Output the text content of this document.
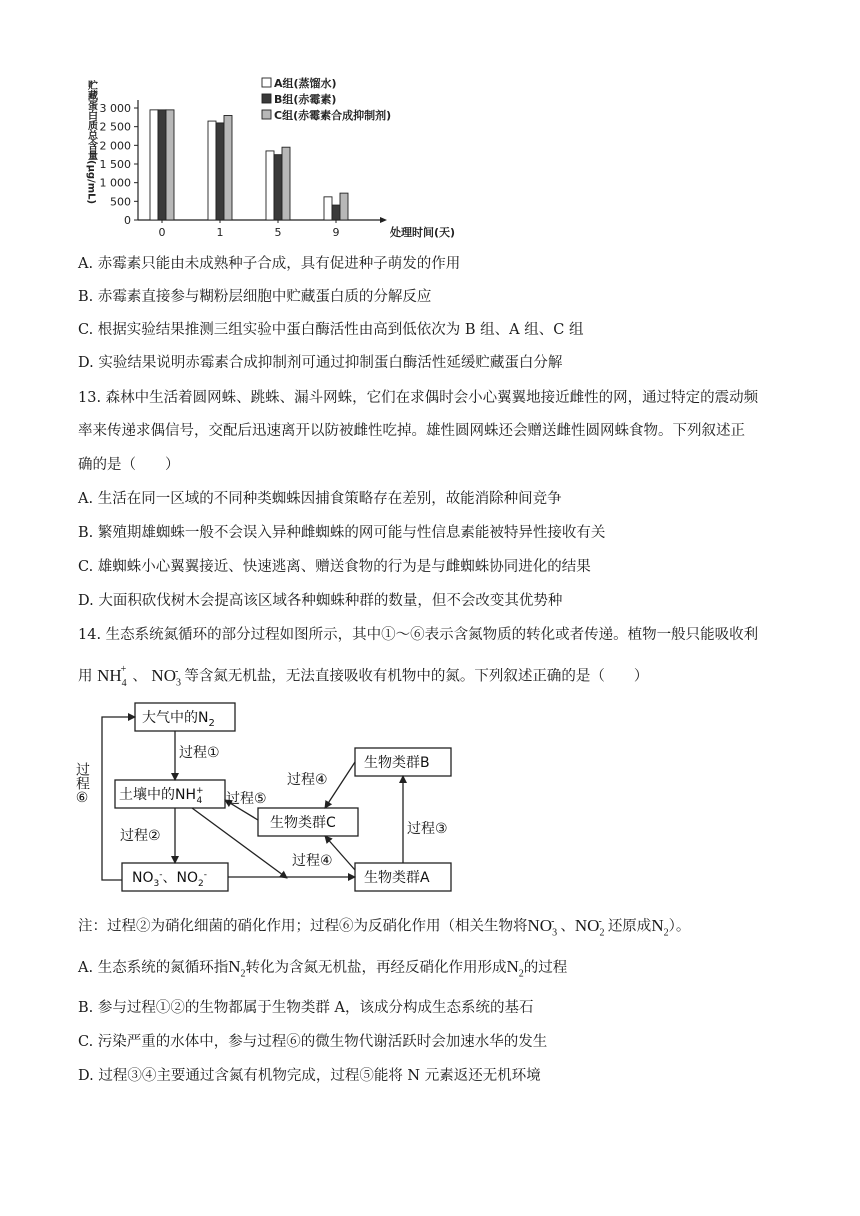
0
500
1 000
1 500
2 000
2 500
3 000
贮藏蛋白质总含量(μg/mL)
0	1	5	9	处理时间(天)
A组(蒸馏水)
B组(赤霉素)
C组(赤霉素合成抑制剂)
A. 赤霉素只能由未成熟种子合成，具有促进种子萌发的作用
B. 赤霉素直接参与糊粉层细胞中贮藏蛋白质的分解反应
C. 根据实验结果推测三组实验中蛋白酶活性由高到低依次为 B 组、A 组、C 组
D. 实验结果说明赤霉素合成抑制剂可通过抑制蛋白酶活性延缓贮藏蛋白分解
13. 森林中生活着圆网蛛、跳蛛、漏斗网蛛，它们在求偶时会小心翼翼地接近雌性的网，通过特定的震动频
率来传递求偶信号，交配后迅速离开以防被雌性吃掉。雄性圆网蛛还会赠送雌性圆网蛛食物。下列叙述正
确的是（　　）
A. 生活在同一区域的不同种类蜘蛛因捕食策略存在差别，故能消除种间竞争
B. 繁殖期雄蜘蛛一般不会误入异种雌蜘蛛的网可能与性信息素能被特异性接收有关
C. 雄蜘蛛小心翼翼接近、快速逃离、赠送食物的行为是与雌蜘蛛协同进化的结果
D. 大面积砍伐树木会提高该区域各种蜘蛛种群的数量，但不会改变其优势种
14. 生态系统氮循环的部分过程如图所示，其中①～⑥表示含氮物质的转化或者传递。植物一般只能吸收利
用 $NH_4^+$ 、 $NO_3^-$ 等含氮无机盐，无法直接吸收有机物中的氮。下列叙述正确的是（　　）
大气中的$N_2$
土壤中的NH+ 4
$NO_3^-$、$NO_2^-$	生物类群A
生物类群B
生物类群C
过程①
过程②	过程③
过程④
过程④
过程⑤
过程⑥
注：过程②为硝化细菌的硝化作用；过程⑥为反硝化作用（相关生物将$NO_3^-$ 、$NO_2^-$ 还原成$N_2$）。
A. 生态系统的氮循环指$N_2$转化为含氮无机盐，再经反硝化作用形成$N_2$的过程
B. 参与过程①②的生物都属于生物类群 A，该成分构成生态系统的基石
C. 污染严重的水体中，参与过程⑥的微生物代谢活跃时会加速水华的发生
D. 过程③④主要通过含氮有机物完成，过程⑤能将 N 元素返还无机环境
